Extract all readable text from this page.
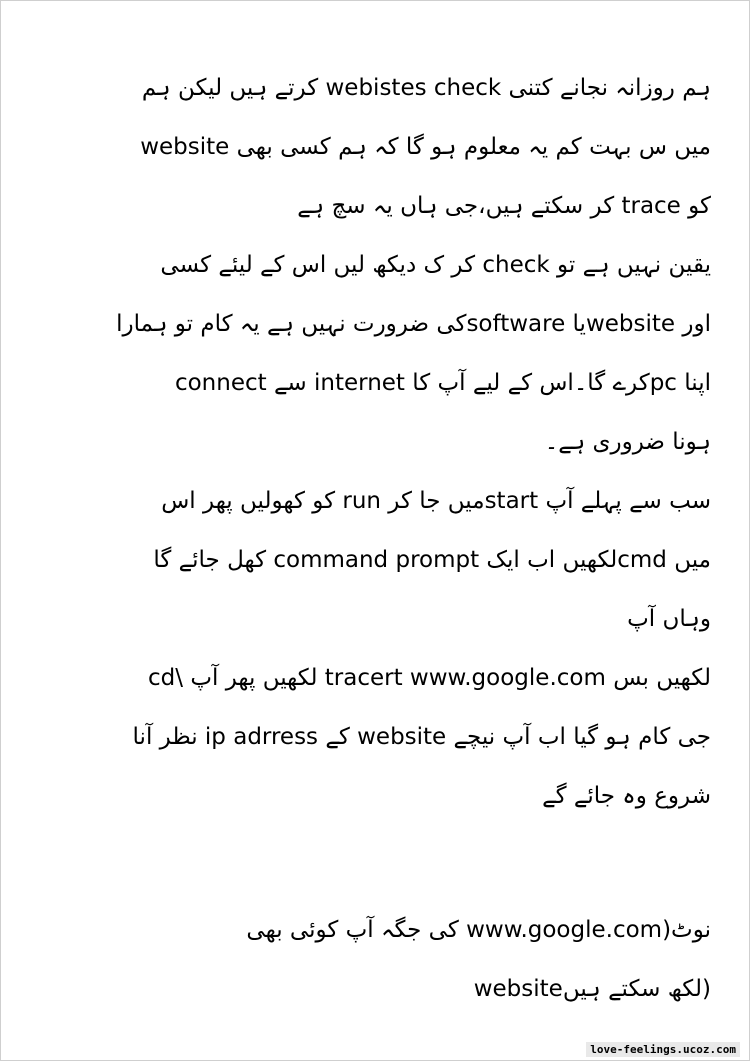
ہم روزانہ نجانے کتنی webistes check کرتے ہیں لیکن ہم
میں س بہت کم یہ معلوم ہو گا کہ ہم کسی بھی website
کو trace کر سکتے ہیں،جی ہاں یہ سچ ہے
یقین نہیں ہے تو check کر ک دیکھ لیں اس کے لیئے کسی
اور websiteیا softwareکی ضرورت نہیں ہے یہ کام تو ہمارا
اپنا pcکرے گا۔اس کے لیے آپ کا internet سے connect
ہونا ضروری ہے۔
سب سے پہلے آپ startمیں جا کر run کو کھولیں پھر اس
میں cmdلکھیں اب ایک command prompt کھل جائے گا
وہاں آپ
cd\ لکھیں پھر آپ tracert www.google.com لکھیں بس
جی کام ہو گیا اب آپ نیچے website کے ip adrress نظر آنا
شروع وہ جائے گے
نوٹ(www.google.com کی جگہ آپ کوئی بھی
websiteلکھ سکتے ہیں)
love-feelings.ucoz.com
